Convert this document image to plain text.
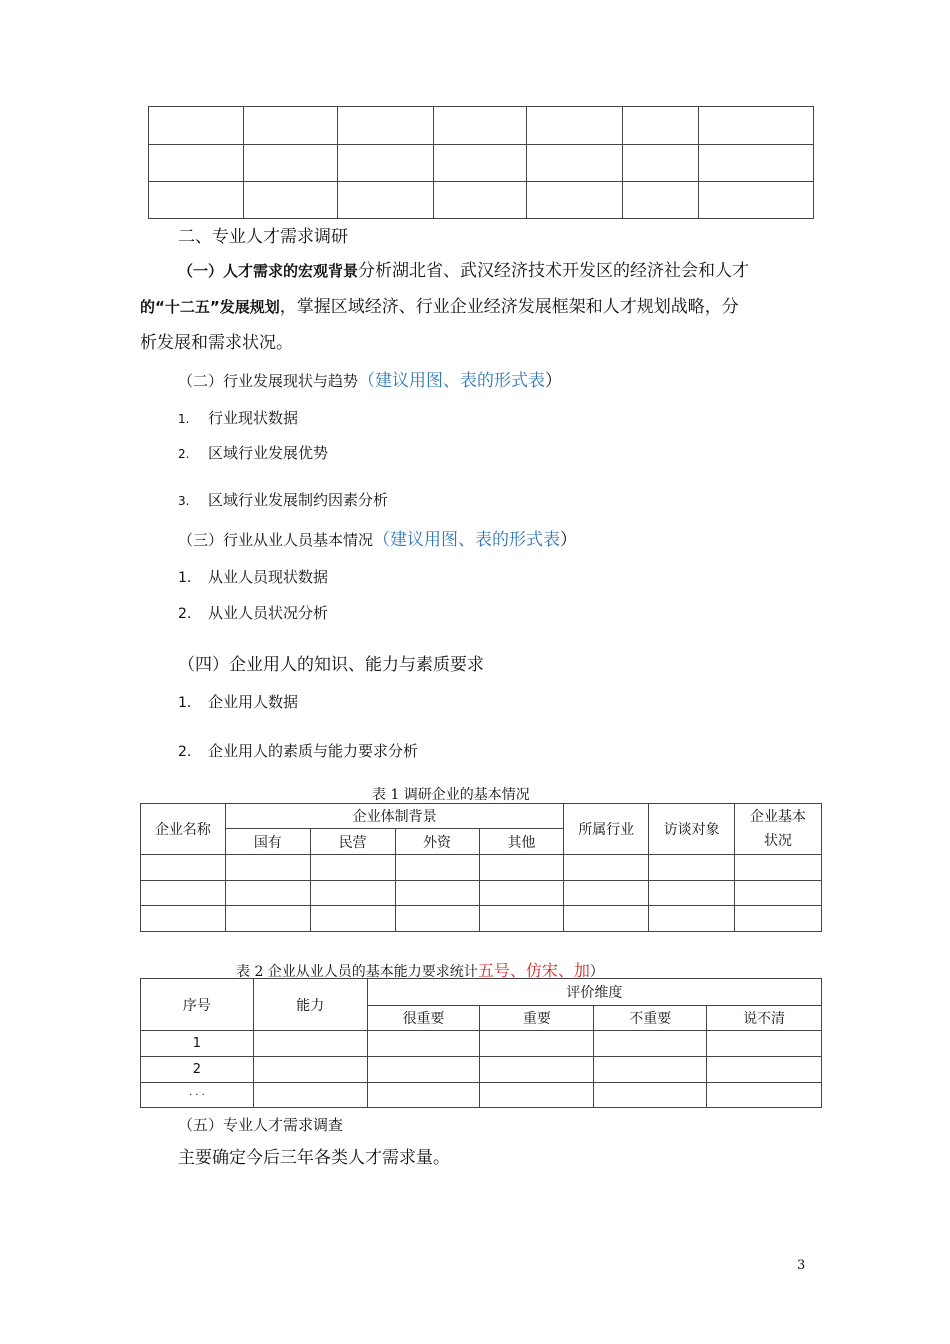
二、专业人才需求调研
（一）人才需求的宏观背景分析湖北省、武汉经济技术开发区的经济社会和人才
的“十二五”发展规划，掌握区域经济、行业企业经济发展框架和人才规划战略，分
析发展和需求状况。
（二）行业发展现状与趋势（建议用图、表的形式表）
1. 行业现状数据
2. 区域行业发展优势
3. 区域行业发展制约因素分析
（三）行业从业人员基本情况（建议用图、表的形式表）
1. 从业人员现状数据
2. 从业人员状况分析
（四）企业用人的知识、能力与素质要求
1. 企业用人数据
2. 企业用人的素质与能力要求分析
表 1 调研企业的基本情况
企业名称	企业体制背景				所属行业	访谈对象	企业基本
状况
	国有	民营	外资	其他			

表 2 企业从业人员的基本能力要求统计五号、仿宋、加）
序号	能力	评价维度			
		很重要	重要	不重要	说不清
1					
2					
· · ·					
（五）专业人才需求调查
主要确定今后三年各类人才需求量。
3
